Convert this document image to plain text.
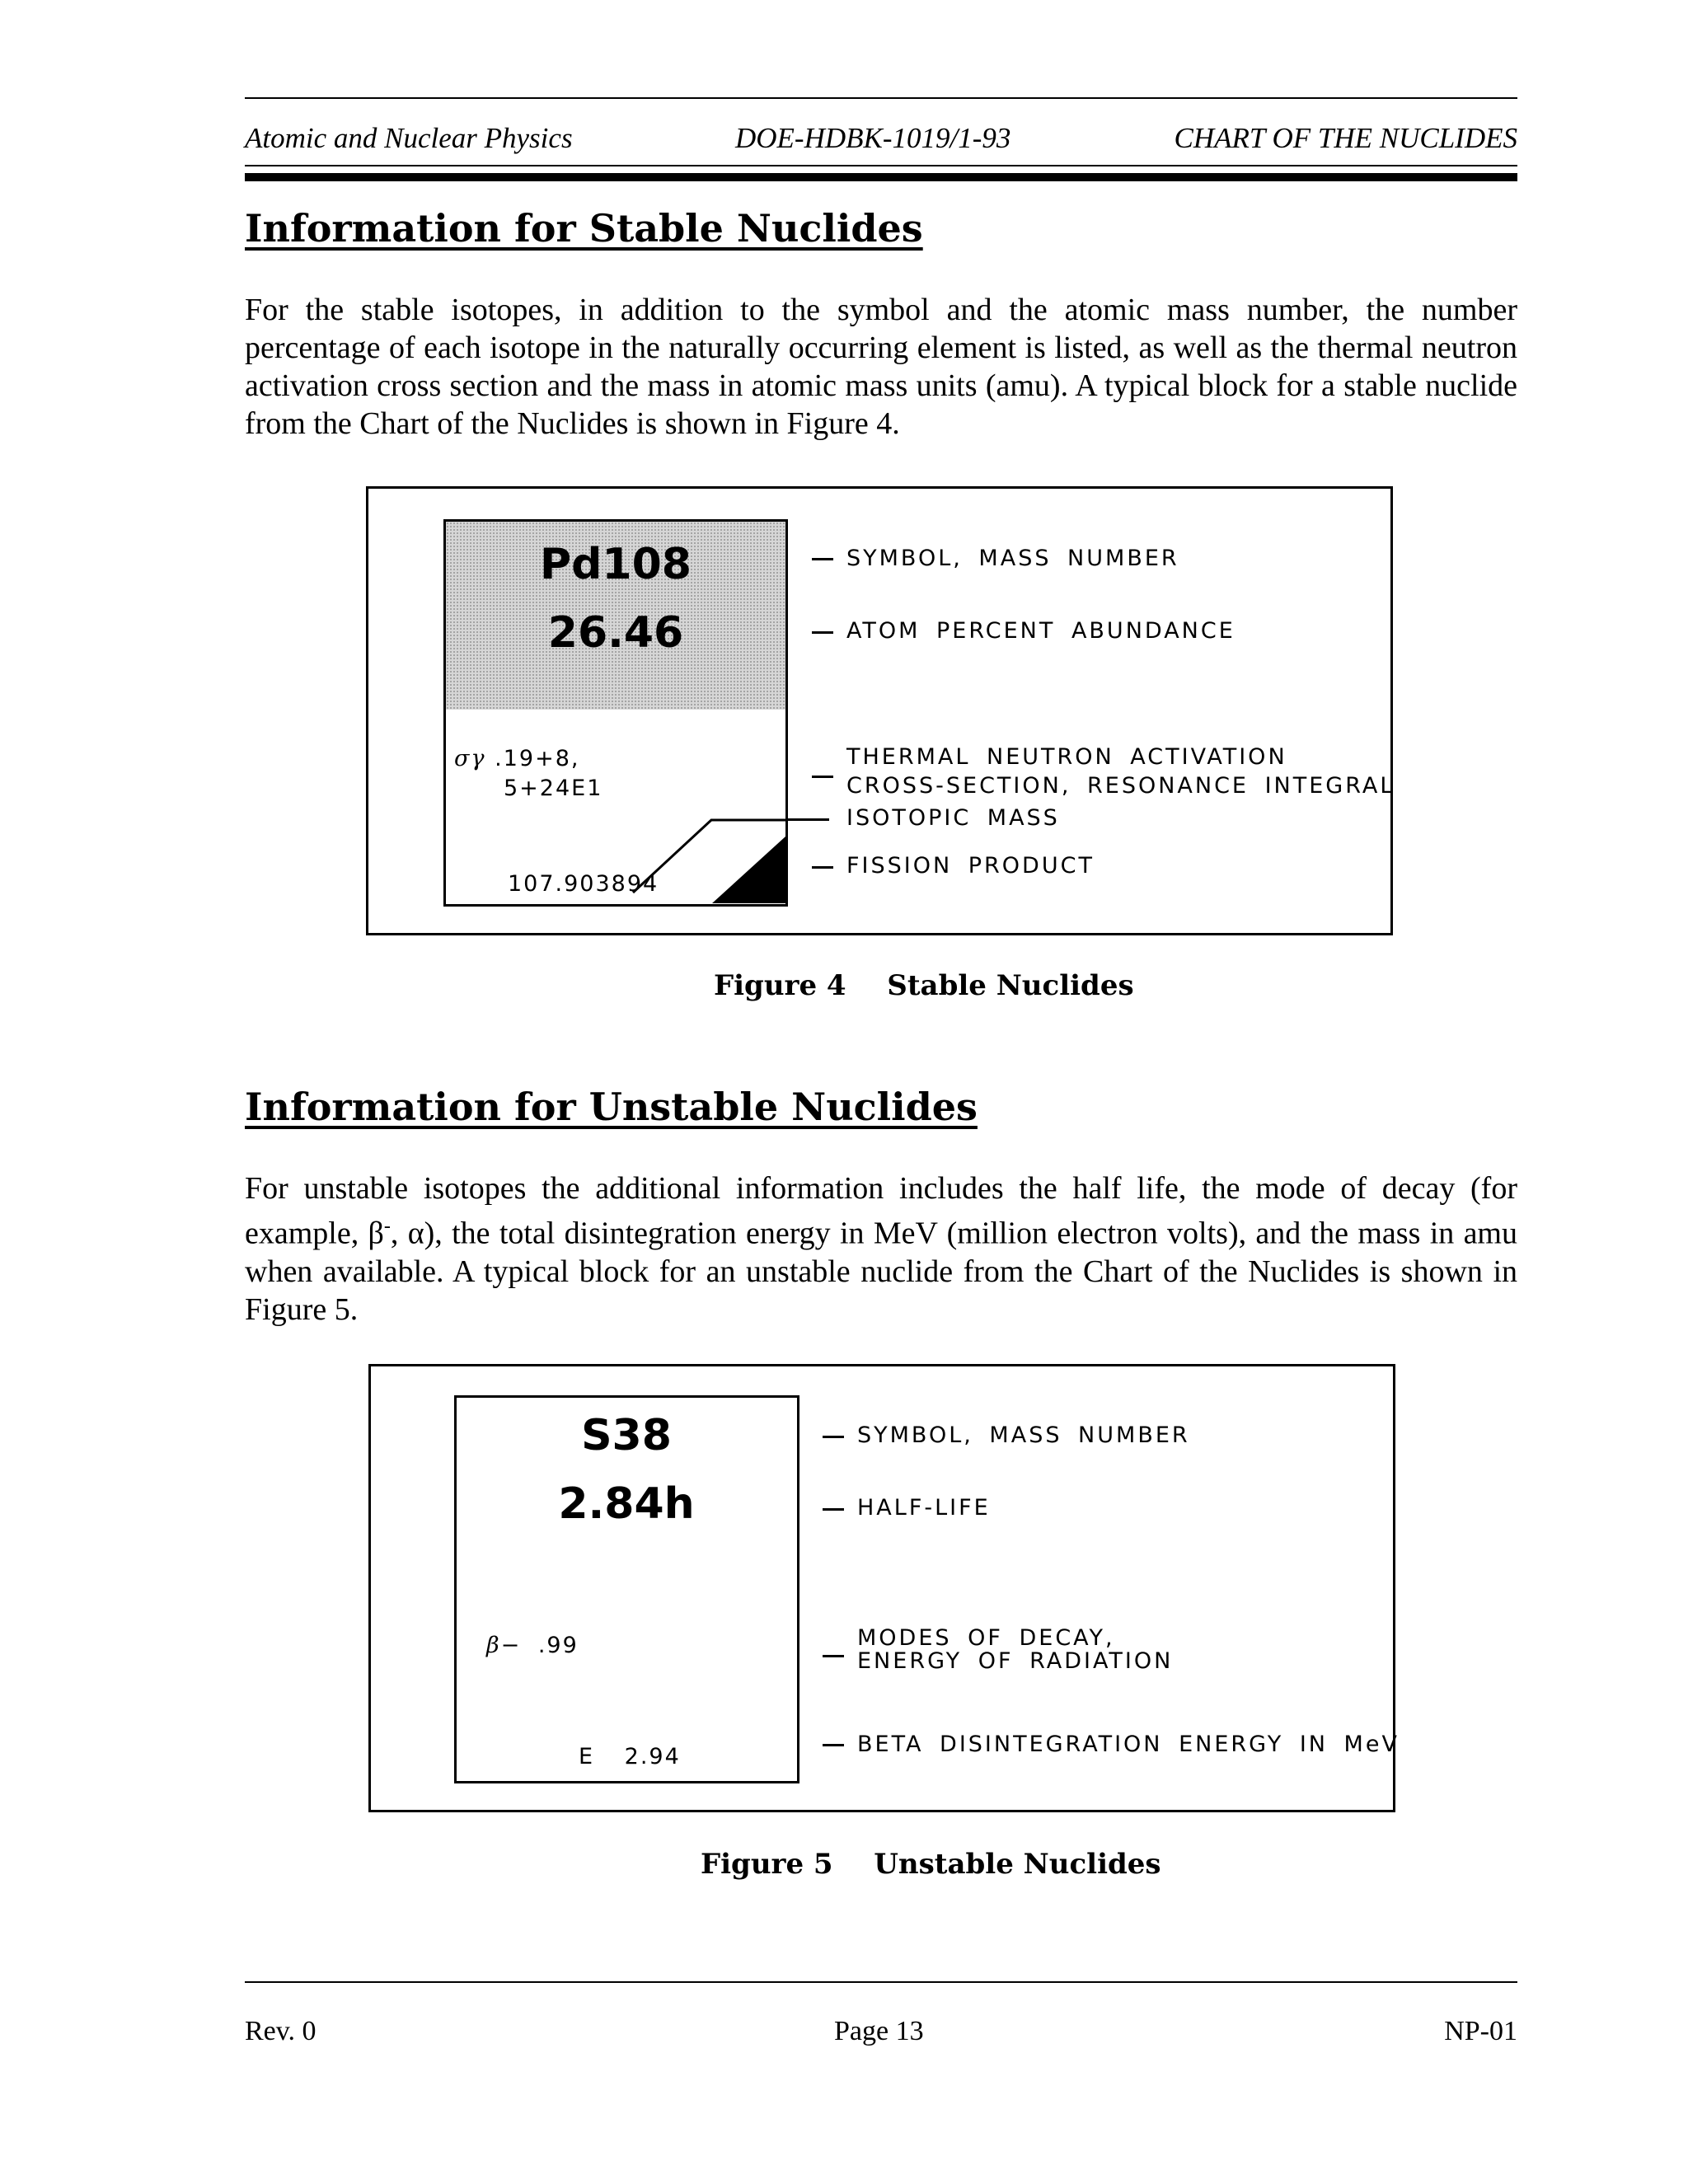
Atomic and Nuclear Physics	DOE-HDBK-1019/1-93	CHART OF THE NUCLIDES
Information for Stable Nuclides
For the stable isotopes, in addition to the symbol and the atomic mass number, the number percentage of each isotope in the naturally occurring element is listed, as well as the thermal neutron activation cross section and the mass in atomic mass units (amu). A typical block for a stable nuclide from the Chart of the Nuclides is shown in Figure 4.
Pd108
26.46
σγ .19+8,
5+24E1
107.903894
SYMBOL, MASS NUMBER
ATOM PERCENT ABUNDANCE
THERMAL NEUTRON ACTIVATION
CROSS-SECTION, RESONANCE INTEGRAL
ISOTOPIC MASS
FISSION PRODUCT
Figure 4 Stable Nuclides
Information for Unstable Nuclides
For unstable isotopes the additional information includes the half life, the mode of decay (for example, β-, α), the total disintegration energy in MeV (million electron volts), and the mass in amu when available. A typical block for an unstable nuclide from the Chart of the Nuclides is shown in Figure 5.
S38
2.84h
β− .99
E 2.94
SYMBOL, MASS NUMBER
HALF-LIFE
MODES OF DECAY,
ENERGY OF RADIATION
BETA DISINTEGRATION ENERGY IN MeV
Figure 5 Unstable Nuclides
Rev. 0	Page 13	NP-01
